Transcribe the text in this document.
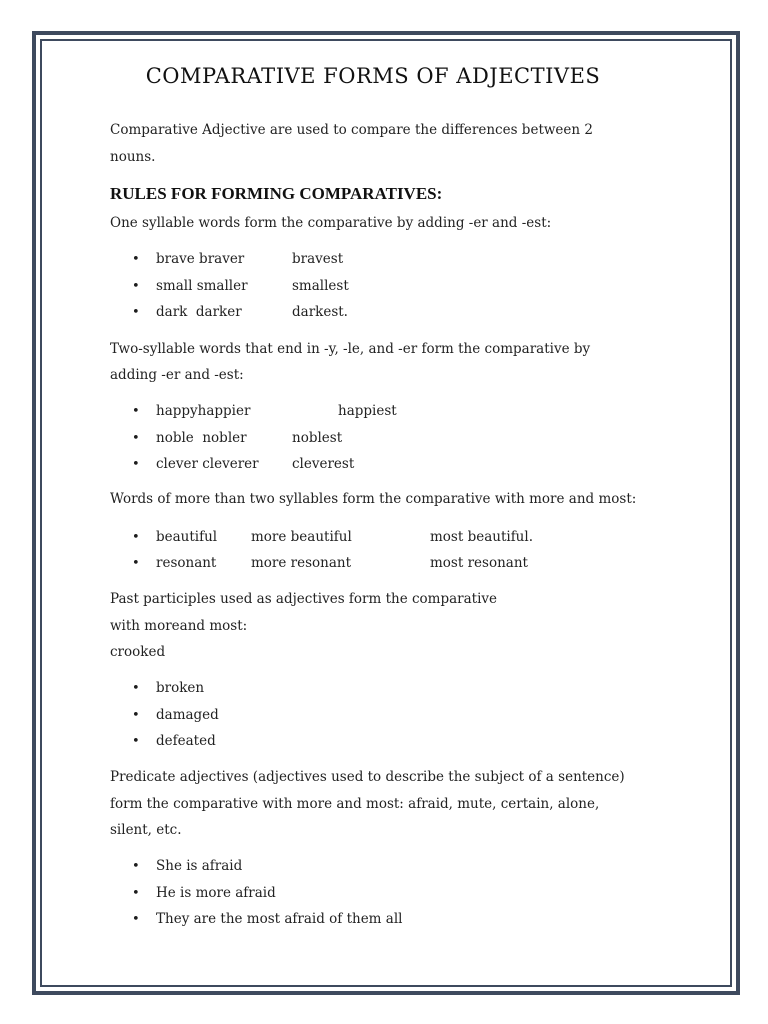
COMPARATIVE FORMS OF ADJECTIVES
Comparative Adjective are used to compare the differences between 2
nouns.
RULES FOR FORMING COMPARATIVES:
One syllable words form the comparative by adding -er and -est:
• brave braver	bravest
• small smaller	smallest
• dark  darker	darkest.
Two-syllable words that end in -y, -le, and -er form the comparative by
adding -er and -est:
• happyhappier	happiest
• noble  nobler	noblest
• clever cleverer cleverest
Words of more than two syllables form the comparative with more and most:
• beautiful	more beautiful	most beautiful.
• resonant	more resonant	most resonant
Past participles used as adjectives form the comparative
with moreand most:
crooked
• broken
• damaged
• defeated
Predicate adjectives (adjectives used to describe the subject of a sentence)
form the comparative with more and most: afraid, mute, certain, alone,
silent, etc.
• She is afraid
• He is more afraid
• They are the most afraid of them all
